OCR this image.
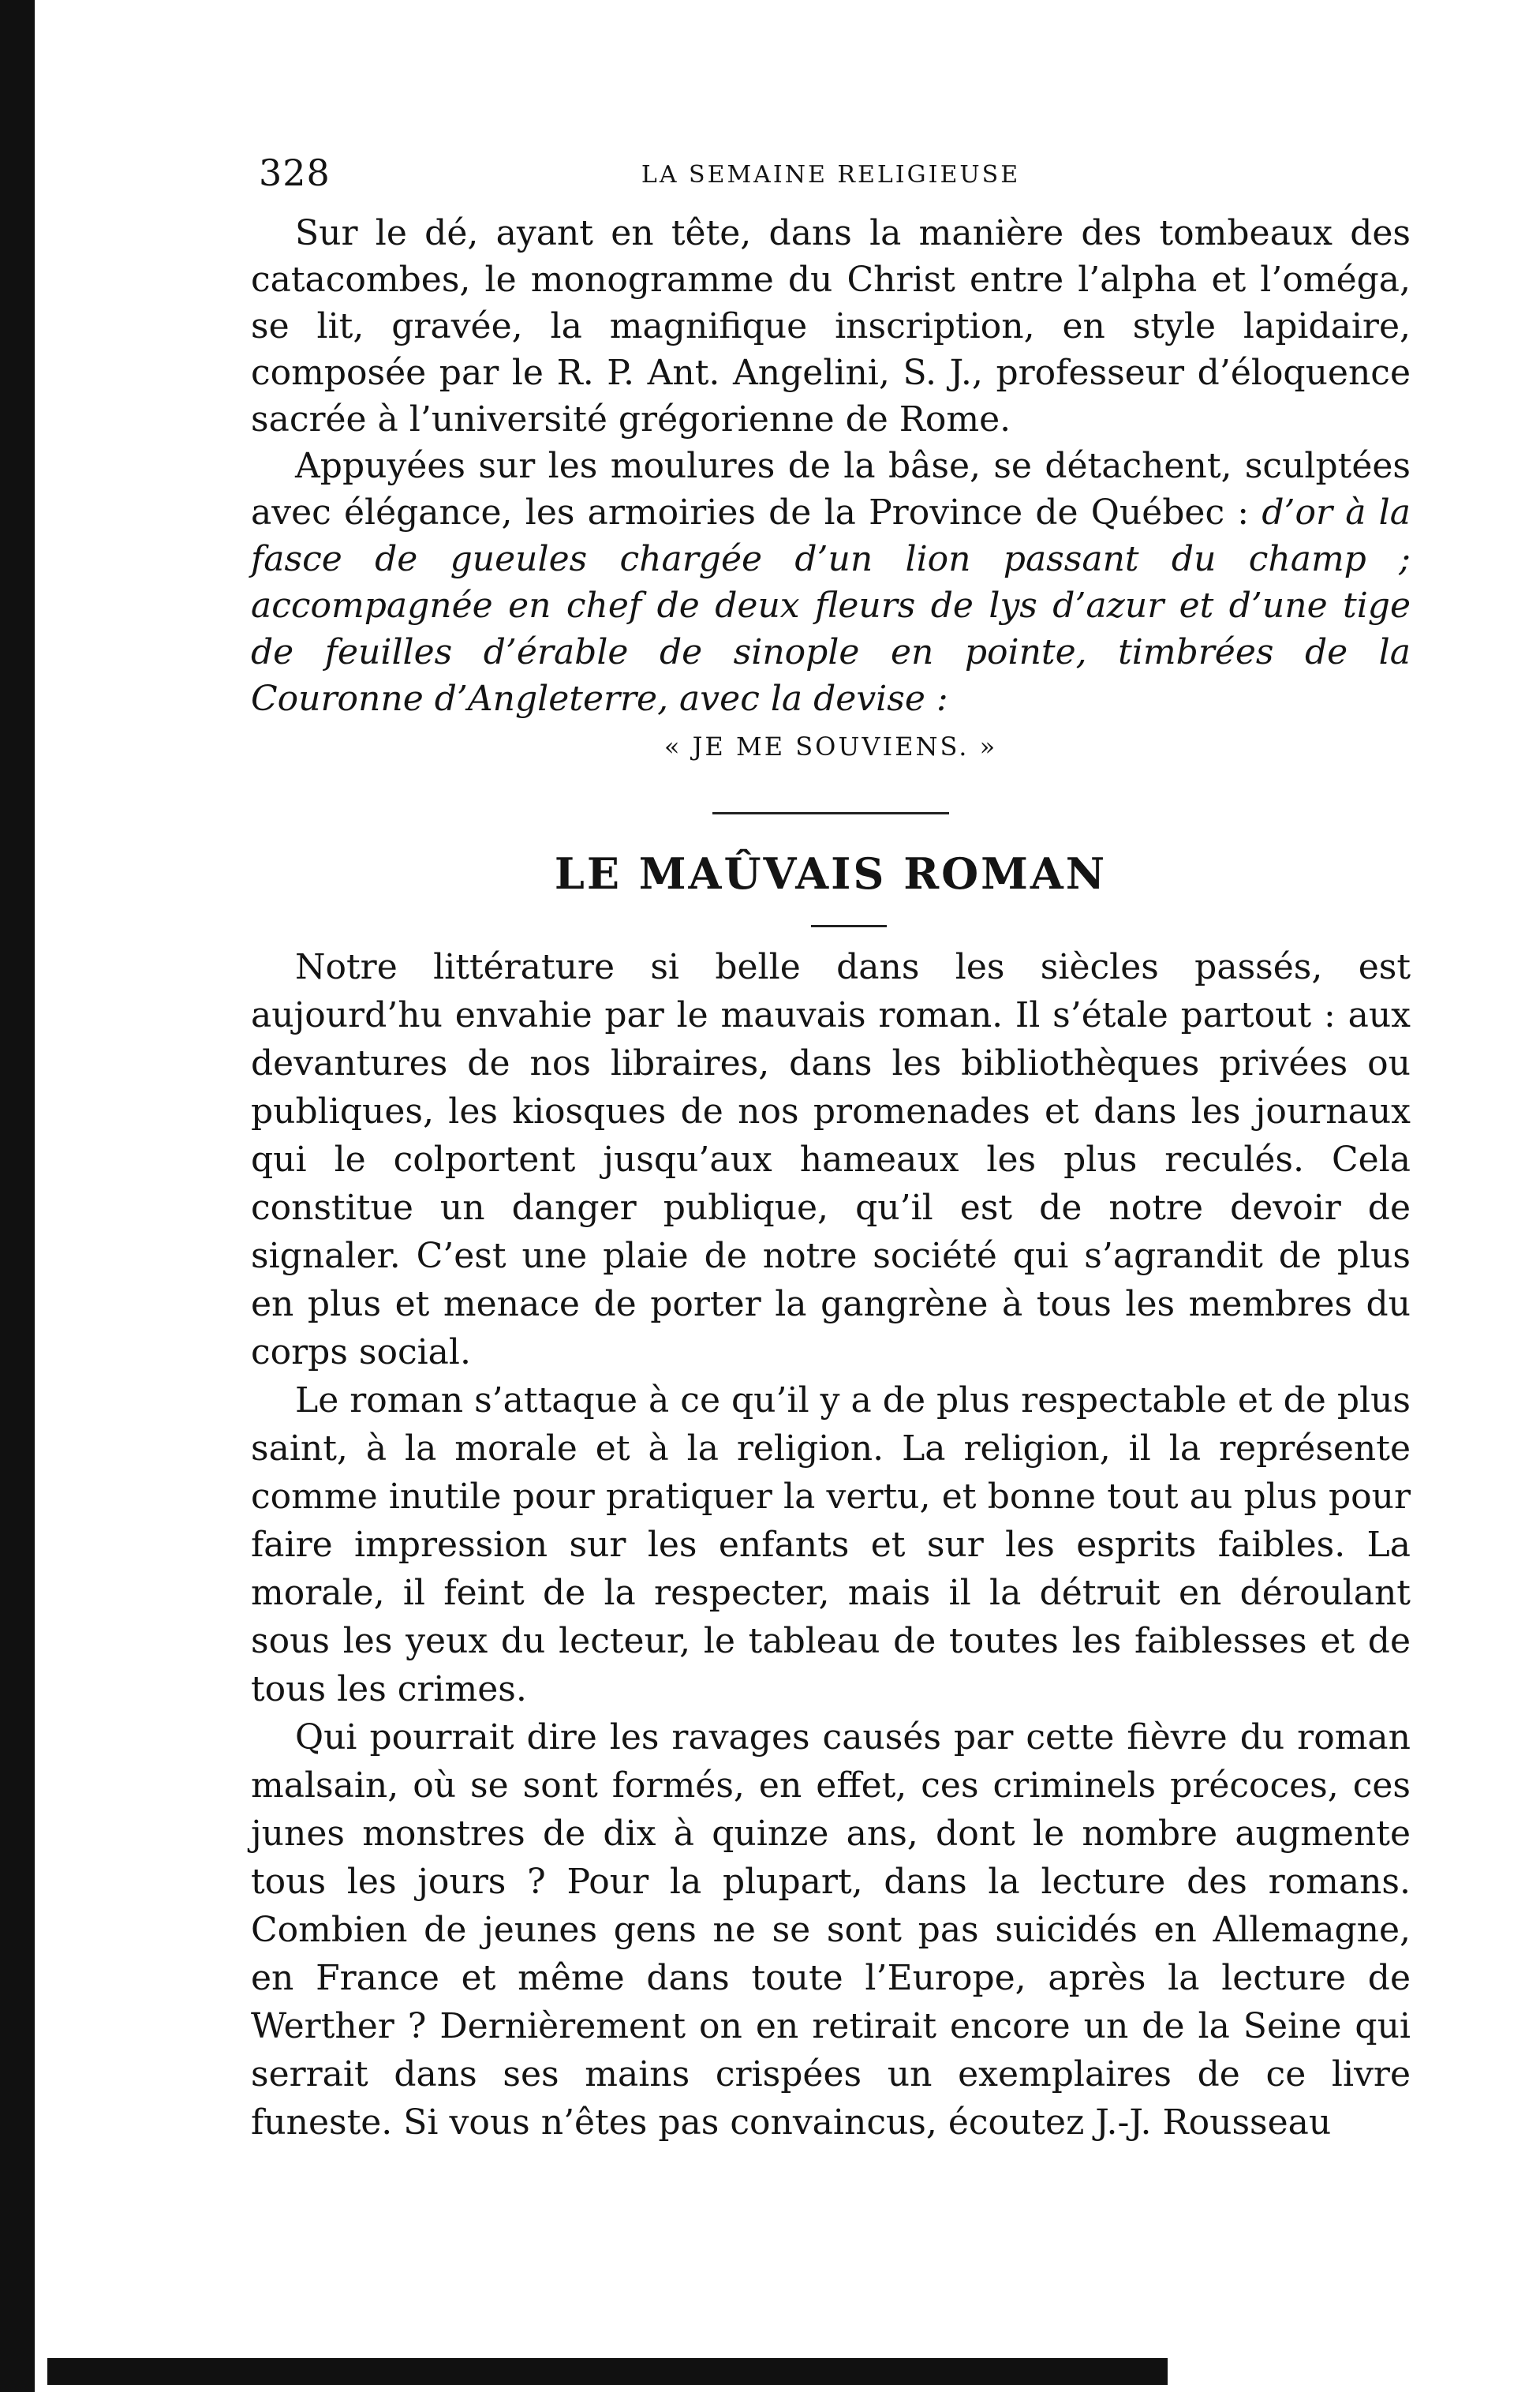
328	LA SEMAINE RELIGIEUSE

Sur le dé, ayant en tête, dans la manière des tombeaux des catacombes, le monogramme du Christ entre l’alpha et l’oméga, se lit, gravée, la magnifique inscription, en style lapidaire, composée par le R. P. Ant. Angelini, S. J., professeur d’éloquence sacrée à l’université grégorienne de Rome.

Appuyées sur les moulures de la bâse, se détachent, sculptées avec élégance, les armoiries de la Province de Québec : d’or à la fasce de gueules chargée d’un lion passant du champ ; accompagnée en chef de deux fleurs de lys d’azur et d’une tige de feuilles d’érable de sinople en pointe, timbrées de la Couronne d’Angleterre, avec la devise :

« JE ME SOUVIENS. »
LE MAÛVAIS ROMAN

Notre littérature si belle dans les siècles passés, est aujourd’hu envahie par le mauvais roman. Il s’étale partout : aux devantures de nos libraires, dans les bibliothèques privées ou publiques, les kiosques de nos promenades et dans les journaux qui le colportent jusqu’aux hameaux les plus reculés. Cela constitue un danger publique, qu’il est de notre devoir de signaler. C’est une plaie de notre société qui s’agrandit de plus en plus et menace de porter la gangrène à tous les membres du corps social.

Le roman s’attaque à ce qu’il y a de plus respectable et de plus saint, à la morale et à la religion. La religion, il la représente comme inutile pour pratiquer la vertu, et bonne tout au plus pour faire impression sur les enfants et sur les esprits faibles. La morale, il feint de la respecter, mais il la détruit en déroulant sous les yeux du lecteur, le tableau de toutes les faiblesses et de tous les crimes.

Qui pourrait dire les ravages causés par cette fièvre du roman malsain, où se sont formés, en effet, ces criminels précoces, ces junes monstres de dix à quinze ans, dont le nombre augmente tous les jours ? Pour la plupart, dans la lecture des romans. Combien de jeunes gens ne se sont pas suicidés en Allemagne, en France et même dans toute l’Europe, après la lecture de Werther ? Dernièrement on en retirait encore un de la Seine qui serrait dans ses mains crispées un exemplaires de ce livre funeste. Si vous n’êtes pas convaincus, écoutez J.-J. Rousseau
